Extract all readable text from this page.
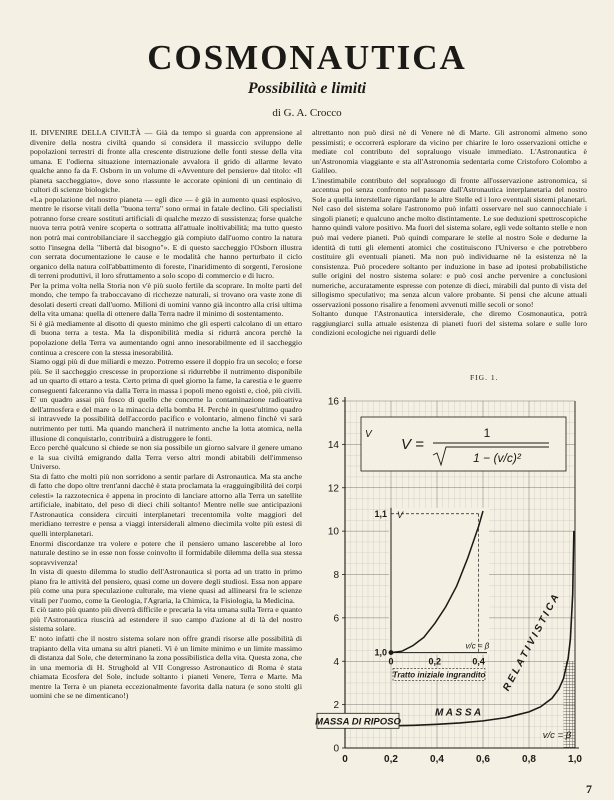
COSMONAUTICA
Possibilità e limiti

di G. A. Crocco

IL DIVENIRE DELLA CIVILTÀ — Già da tempo si guarda con apprensione al divenire della nostra civiltà quando si considera il massiccio sviluppo delle popolazioni terrestri di fronte alla crescente distruzione delle fonti stesse della vita umana. E l'odierna situazione internazionale avvalora il grido di allarme levato qualche anno fa da F. Osborn in un volume di «Avventure del pensiero» dal titolo: «Il pianeta saccheggiato», dove sono riassunte le accorate opinioni di un centinaio di cultori di scienze biologiche.

«La popolazione del nostro pianeta — egli dice — è già in aumento quasi esplosivo, mentre le risorse vitali della "buona terra" sono ormai in fatale declino. Gli specialisti potranno forse creare sostituti artificiali di qualche mezzo di sussistenza; forse qualche nuova terra potrà venire scoperta o sottratta all'attuale inoltivabilità; ma tutto questo non potrà mai controbilanciare il saccheggio già compiuto dall'uomo contro la natura sotto l'insegna della "libertà dal bisogno"». E di questo saccheggio l'Osborn illustra con serrata documentazione le cause e le modalità che hanno perturbato il ciclo organico della natura coll'abbattimento di foreste, l'inaridimento di sorgenti, l'erosione di terreni produttivi, il loro sfruttamento a solo scopo di commercio e di lucro.

Per la prima volta nella Storia non v'è più suolo fertile da scoprare. In molte parti del mondo, che tempo fa traboccavano di ricchezze naturali, si trovano ora vaste zone di desolati deserti creati dall'uomo. Milioni di uomini vanno già incontro alla crisi ultima della vita umana: quella di ottenere dalla Terra nadre il minimo di sostentamento.

Si è già mediamente al disotto di questo minimo che gli esperti calcolano di un ettaro di buona terra a testa. Ma la disponibilità media si ridurrà ancora perchè la popolazione della Terra va aumentando ogni anno inesorabilmente ed il saccheggio continua a crescere con la stessa inesorabilità.

Siamo oggi più di due miliardi e mezzo. Potremo essere il doppio fra un secolo; e forse più. Se il saccheggio crescesse in proporzione si ridurrebbe il nutrimento disponibile ad un quarto di ettaro a testa. Certo prima di quel giorno la fame, la carestia e le guerre conseguenti falceranno via dalla Terra in massa i popoli meno egoisti e, cioè, più civili. E' un quadro assai più fosco di quello che concerne la contaminazione radioattiva dell'atmosfera e del mare o la minaccia della bomba H. Perchè in quest'ultimo quadro si intravvede la possibilità dell'accordo pacifico e volontario, almeno finchè vi sarà nutrimento per tutti. Ma quando mancherà il nutrimento anche la lotta atomica, nella illusione di conquistarlo, contribuirà a distruggere le fonti.

Ecco perchè qualcuno si chiede se non sia possibile un giorno salvare il genere umano e la sua civiltà emigrando dalla Terra verso altri mondi abitabili dell'immenso Universo.

Sta di fatto che molti più non sorridono a sentir parlare di Astronautica. Ma sta anche di fatto che dopo oltre trent'anni dacchè è stata proclamata la «ragguingibilità dei corpi celesti» la razzotecnica è appena in procinto di lanciare attorno alla Terra un satellite artificiale, inabitato, del peso di dieci chili soltanto! Mentre nelle sue anticipazioni l'Astronautica considera circuiti interplanetari trecentomila volte maggiori del meridiano terrestre e pensa a viaggi intersiderali almeno diecimila volte più estesi di quelli interplanetari.

Enormi discordanze tra volere e potere che il pensiero umano lascerebbe al loro naturale destino se in esse non fosse coinvolto il formidabile dilemma della sua stessa sopravvivenza!

In vista di questo dilemma lo studio dell'Astronautica si porta ad un tratto in primo piano fra le attività del pensiero, quasi come un dovere degli studiosi. Essa non appare più come una pura speculazione culturale, ma viene quasi ad allinearsi fra le scienze vitali per l'uomo, come la Geologia, l'Agraria, la Chimica, la Fisiologia, la Medicina.

E ciò tanto più quanto più diverrà difficile e precaria la vita umana sulla Terra e quanto più l'Astronautica riuscirà ad estendere il suo campo d'azione al di là del nostro sistema solare.

E' noto infatti che il nostro sistema solare non offre grandi risorse alle possibilità di trapianto della vita umana su altri pianeti. Vi è un limite minimo e un limite massimo di distanza dal Sole, che determinano la zona possibilistica della vita. Questa zona, che in una memoria di H. Strughold al VII Congresso Astronautico di Roma è stata chiamata Ecosfera del Sole, include soltanto i pianeti Venere, Terra e Marte. Ma mentre la Terra è un pianeta eccezionalmente favorita dalla natura (e sono stolti gli uomini che se ne dimenticano!)

altrettanto non può dirsi nè di Venere nè di Marte. Gli astronomi almeno sono pessimisti; e occorrerà esplorare da vicino per chiarire le loro osservazioni ottiche e mediate col contributo del sopraluogo visuale immediato. L'Astronautica è un'Astronomia viaggiante e sta all'Astronomia sedentaria come Cristoforo Colombo a Galileo.

L'inestimabile contributo del sopraluogo di fronte all'osservazione astronomica, si accentua poi senza confronto nel passare dall'Astronautica interplanetaria del nostro Sole a quella interstellare riguardante le altre Stelle ed i loro eventuali sistemi planetari. Nel caso del sistema solare l'astronomo può infatti osservare nel suo cannocchiale i singoli pianeti; e qualcuno anche molto distintamente. Le sue deduzioni spettroscopiche hanno quindi valore positivo. Ma fuori del sistema solare, egli vede soltanto stelle e non può mai vedere pianeti. Può quindi comparare le stelle al nostro Sole e dedurne la identità di tutti gli elementi atomici che costituiscono l'Universo e che potrebbero costituire gli eventuali pianeti. Ma non può individuarne nè la esistenza nè la consistenza. Può procedere soltanto per induzione in base ad ipotesi probabilistiche sulle origini del nostro sistema solare: e può così anche pervenire a conclusioni numeriche, accuratamente espresse con potenze di dieci, mirabili dal punto di vista del sillogismo speculativo; ma senza alcun valore probante. Si pensi che alcune attuali osservazioni possono risalire a fenomeni avvenuti mille secoli or sono!

Soltanto dunque l'Astronautica intersiderale, che diremo Cosmonautica, potrà raggiungiarci sulla attuale esistenza di pianeti fuori del sistema solare e sulle loro condizioni ecologiche nei riguardi delle

FIG. 1.
0
2
4
6
8
10
12
14
16
0	0,2	0,4	0,6	0,8	1,0
V
1,1
1,0
0	0,2	0,4
v/c = β
Tratto iniziale ingrandito
V
V =
1
1 − (v/c)²
MASSA DI RIPOSO
M A S S A
R E L A T I V I S T I C A
v/c = β
7
